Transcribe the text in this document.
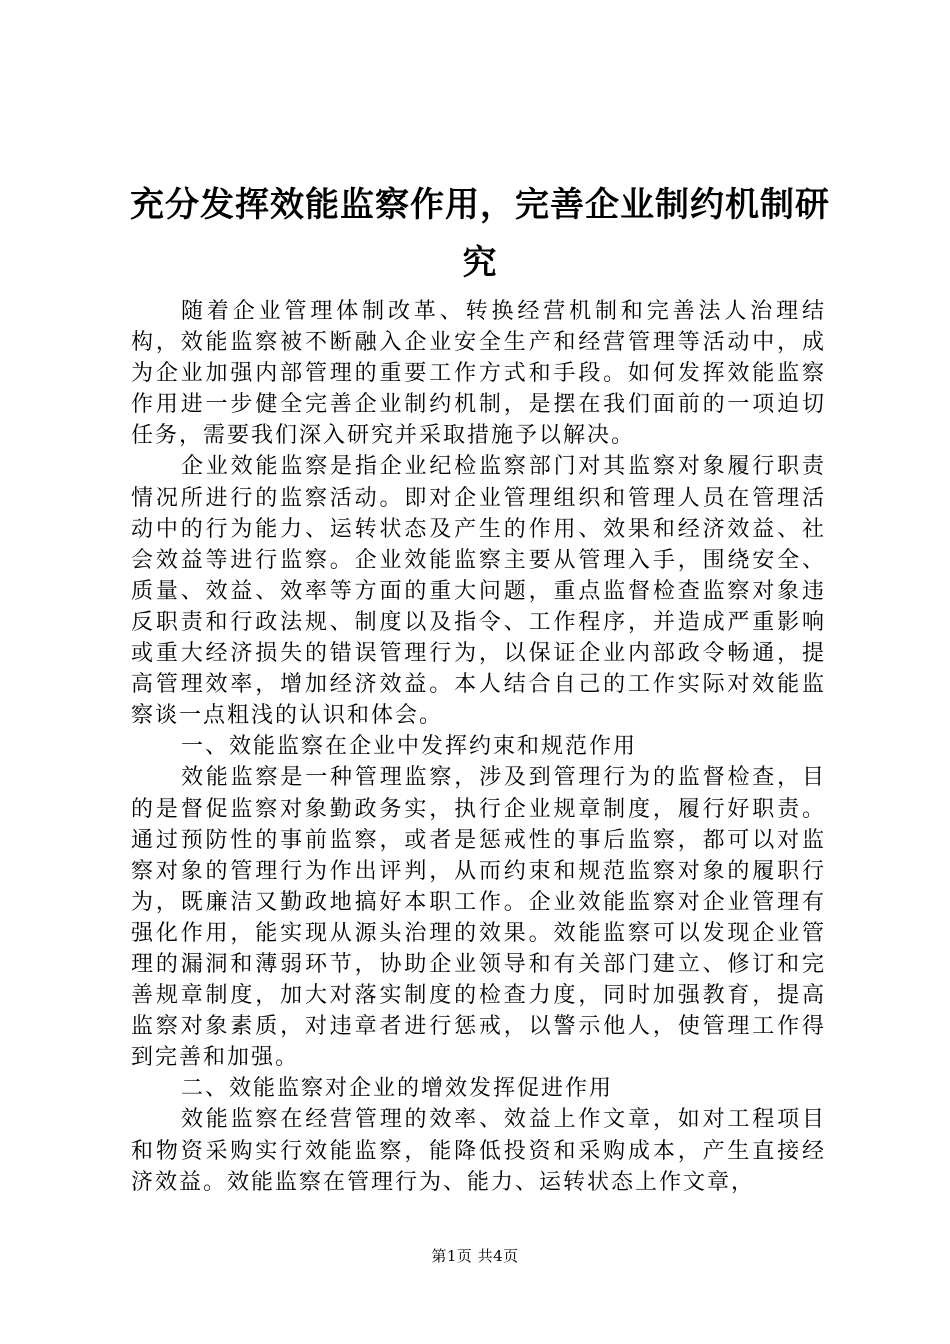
充分发挥效能监察作用，完善企业制约机制研究

随着企业管理体制改革、转换经营机制和完善法人治理结构，效能监察被不断融入企业安全生产和经营管理等活动中，成为企业加强内部管理的重要工作方式和手段。如何发挥效能监察作用进一步健全完善企业制约机制，是摆在我们面前的一项迫切任务，需要我们深入研究并采取措施予以解决。

企业效能监察是指企业纪检监察部门对其监察对象履行职责情况所进行的监察活动。即对企业管理组织和管理人员在管理活动中的行为能力、运转状态及产生的作用、效果和经济效益、社会效益等进行监察。企业效能监察主要从管理入手，围绕安全、质量、效益、效率等方面的重大问题，重点监督检查监察对象违反职责和行政法规、制度以及指令、工作程序，并造成严重影响或重大经济损失的错误管理行为，以保证企业内部政令畅通，提高管理效率，增加经济效益。本人结合自己的工作实际对效能监察谈一点粗浅的认识和体会。

一、效能监察在企业中发挥约束和规范作用

效能监察是一种管理监察，涉及到管理行为的监督检查，目的是督促监察对象勤政务实，执行企业规章制度，履行好职责。通过预防性的事前监察，或者是惩戒性的事后监察，都可以对监察对象的管理行为作出评判，从而约束和规范监察对象的履职行为，既廉洁又勤政地搞好本职工作。企业效能监察对企业管理有强化作用，能实现从源头治理的效果。效能监察可以发现企业管理的漏洞和薄弱环节，协助企业领导和有关部门建立、修订和完善规章制度，加大对落实制度的检查力度，同时加强教育，提高监察对象素质，对违章者进行惩戒，以警示他人，使管理工作得到完善和加强。

二、效能监察对企业的增效发挥促进作用

效能监察在经营管理的效率、效益上作文章，如对工程项目和物资采购实行效能监察，能降低投资和采购成本，产生直接经济效益。效能监察在管理行为、能力、运转状态上作文章，

第1页 共4页
